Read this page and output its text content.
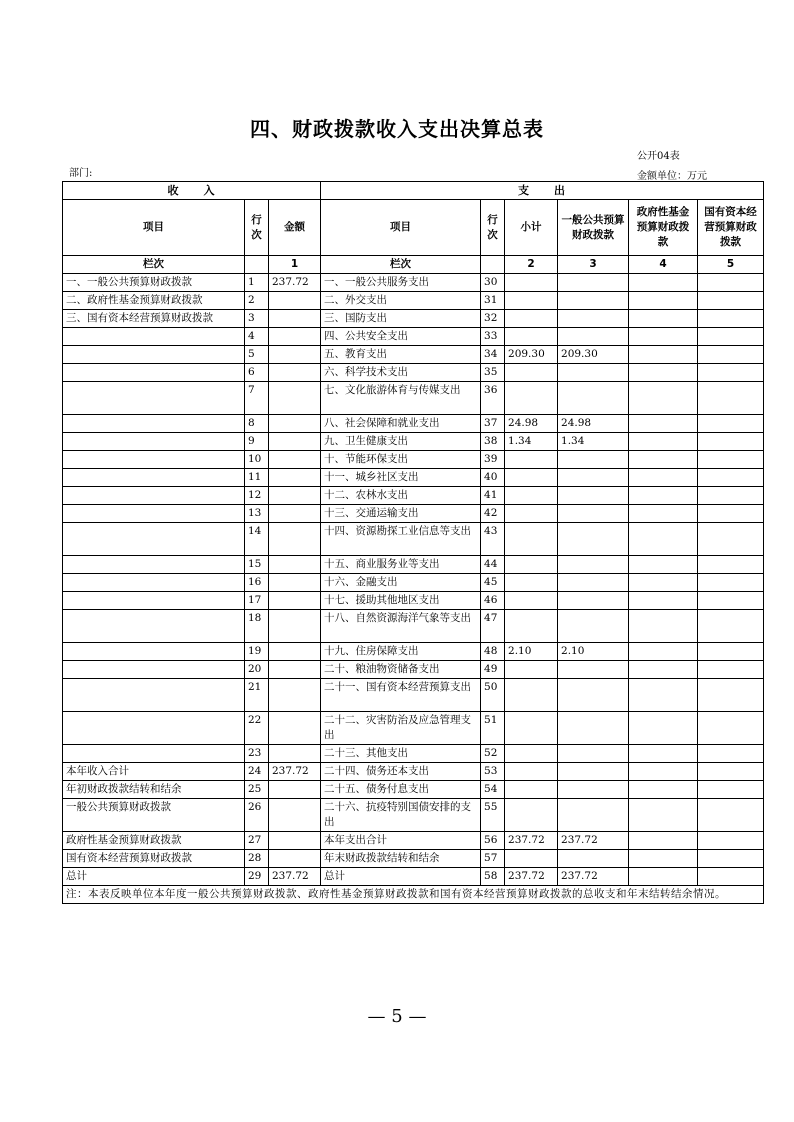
四、财政拨款收入支出决算总表
公开04表
部门:	金额单位：万元
收　　入			支　　出					
项目	行次	金额	项目	行次	小计	一般公共预算财政拨款	政府性基金预算财政拨款	国有资本经营预算财政拨款
栏次		1	栏次		2	3	4	5
一、一般公共预算财政拨款	1	237.72	一、一般公共服务支出	30				
二、政府性基金预算财政拨款	2		二、外交支出	31				
三、国有资本经营预算财政拨款	3		三、国防支出	32				
	4		四、公共安全支出	33				
	5		五、教育支出	34	209.30	209.30		
	6		六、科学技术支出	35				
	7		七、文化旅游体育与传媒支出	36				
	8		八、社会保障和就业支出	37	24.98	24.98		
	9		九、卫生健康支出	38	1.34	1.34		
	10		十、节能环保支出	39				
	11		十一、城乡社区支出	40				
	12		十二、农林水支出	41				
	13		十三、交通运输支出	42				
	14		十四、资源勘探工业信息等支出	43				
	15		十五、商业服务业等支出	44				
	16		十六、金融支出	45				
	17		十七、援助其他地区支出	46				
	18		十八、自然资源海洋气象等支出	47				
	19		十九、住房保障支出	48	2.10	2.10		
	20		二十、粮油物资储备支出	49				
	21		二十一、国有资本经营预算支出	50				
	22		二十二、灾害防治及应急管理支出	51				
	23		二十三、其他支出	52				
本年收入合计	24	237.72	二十四、债务还本支出	53				
年初财政拨款结转和结余	25		二十五、债务付息支出	54				
一般公共预算财政拨款	26		二十六、抗疫特别国债安排的支出	55				
政府性基金预算财政拨款	27		本年支出合计	56	237.72	237.72		
国有资本经营预算财政拨款	28		年末财政拨款结转和结余	57				
总计	29	237.72	总计	58	237.72	237.72		
注：本表反映单位本年度一般公共预算财政拨款、政府性基金预算财政拨款和国有资本经营预算财政拨款的总收支和年末结转结余情况。								
— 5 —
